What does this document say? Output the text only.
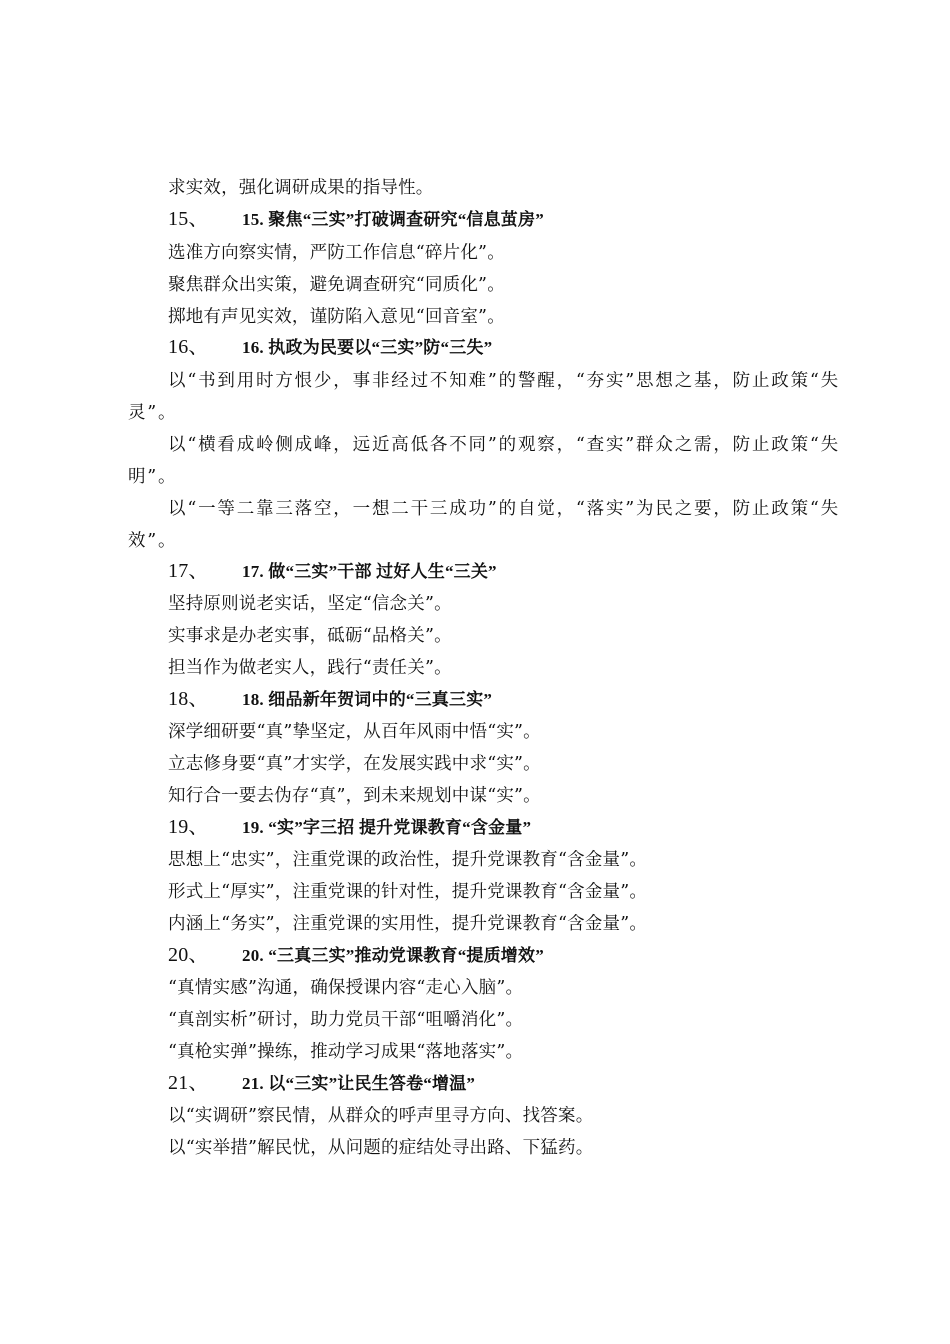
求实效，强化调研成果的指导性。
15、 15. 聚焦“三实”打破调查研究“信息茧房”
选准方向察实情，严防工作信息“碎片化”。
聚焦群众出实策，避免调查研究“同质化”。
掷地有声见实效，谨防陷入意见“回音室”。
16、 16. 执政为民要以“三实”防“三失”
以“书到用时方恨少，事非经过不知难”的警醒，“夯实”思想之基，防止政策“失灵”。
以“横看成岭侧成峰，远近高低各不同”的观察，“查实”群众之需，防止政策“失明”。
以“一等二靠三落空，一想二干三成功”的自觉，“落实”为民之要，防止政策“失效”。
17、 17. 做“三实”干部 过好人生“三关”
坚持原则说老实话，坚定“信念关”。
实事求是办老实事，砥砺“品格关”。
担当作为做老实人，践行“责任关”。
18、 18. 细品新年贺词中的“三真三实”
深学细研要“真”挚坚定，从百年风雨中悟“实”。
立志修身要“真”才实学，在发展实践中求“实”。
知行合一要去伪存“真”，到未来规划中谋“实”。
19、 19. “实”字三招 提升党课教育“含金量”
思想上“忠实”，注重党课的政治性，提升党课教育“含金量”。
形式上“厚实”，注重党课的针对性，提升党课教育“含金量”。
内涵上“务实”，注重党课的实用性，提升党课教育“含金量”。
20、 20. “三真三实”推动党课教育“提质增效”
“真情实感”沟通，确保授课内容“走心入脑”。
“真剖实析”研讨，助力党员干部“咀嚼消化”。
“真枪实弹”操练，推动学习成果“落地落实”。
21、 21. 以“三实”让民生答卷“增温”
以“实调研”察民情，从群众的呼声里寻方向、找答案。
以“实举措”解民忧，从问题的症结处寻出路、下猛药。
